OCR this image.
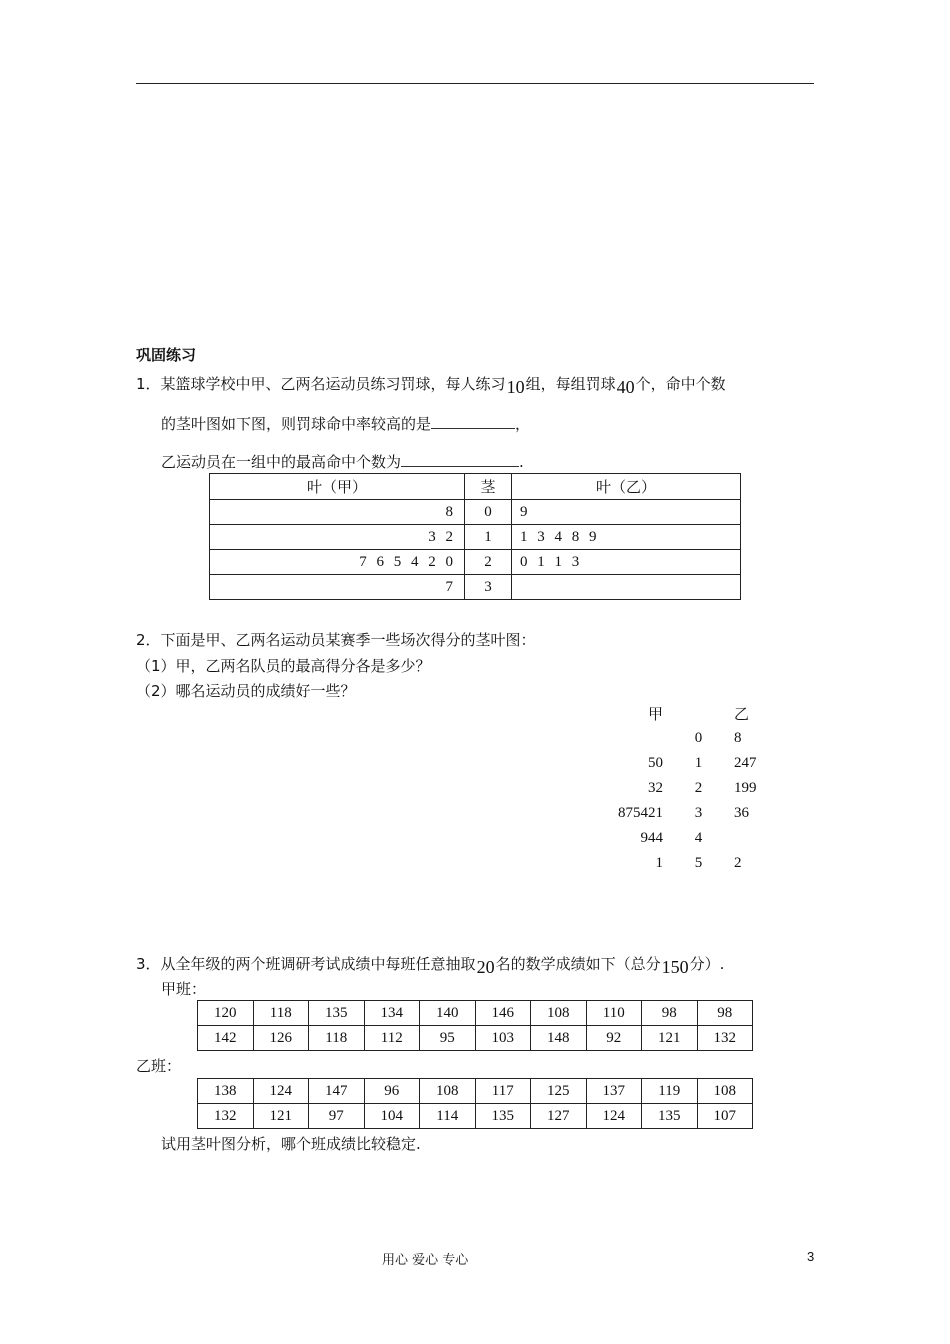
巩固练习
1．某篮球学校中甲、乙两名运动员练习罚球，每人练习10组，每组罚球40个，命中个数
的茎叶图如下图，则罚球命中率较高的是	，
乙运动员在一组中的最高命中个数为	.
叶（甲）	茎	叶（乙）
8	0	9
3 2	1	1 3 4 8 9
7 6 5 4 2 0	2	0 1 1 3
7	3	
2．下面是甲、乙两名运动员某赛季一些场次得分的茎叶图：
（1）甲，乙两名队员的最高得分各是多少？
（2）哪名运动员的成绩好一些？
甲		乙
	0	8
50	1	247
32	2	199
875421	3	36
944	4	
1	5	2
3．从全年级的两个班调研考试成绩中每班任意抽取20名的数学成绩如下（总分150分）.
甲班：
120	118	135	134	140	146	108	110	98	98
142	126	118	112	95	103	148	92	121	132
乙班：
138	124	147	96	108	117	125	137	119	108
132	121	97	104	114	135	127	124	135	107
试用茎叶图分析，哪个班成绩比较稳定.
用心 爱心 专心	3
